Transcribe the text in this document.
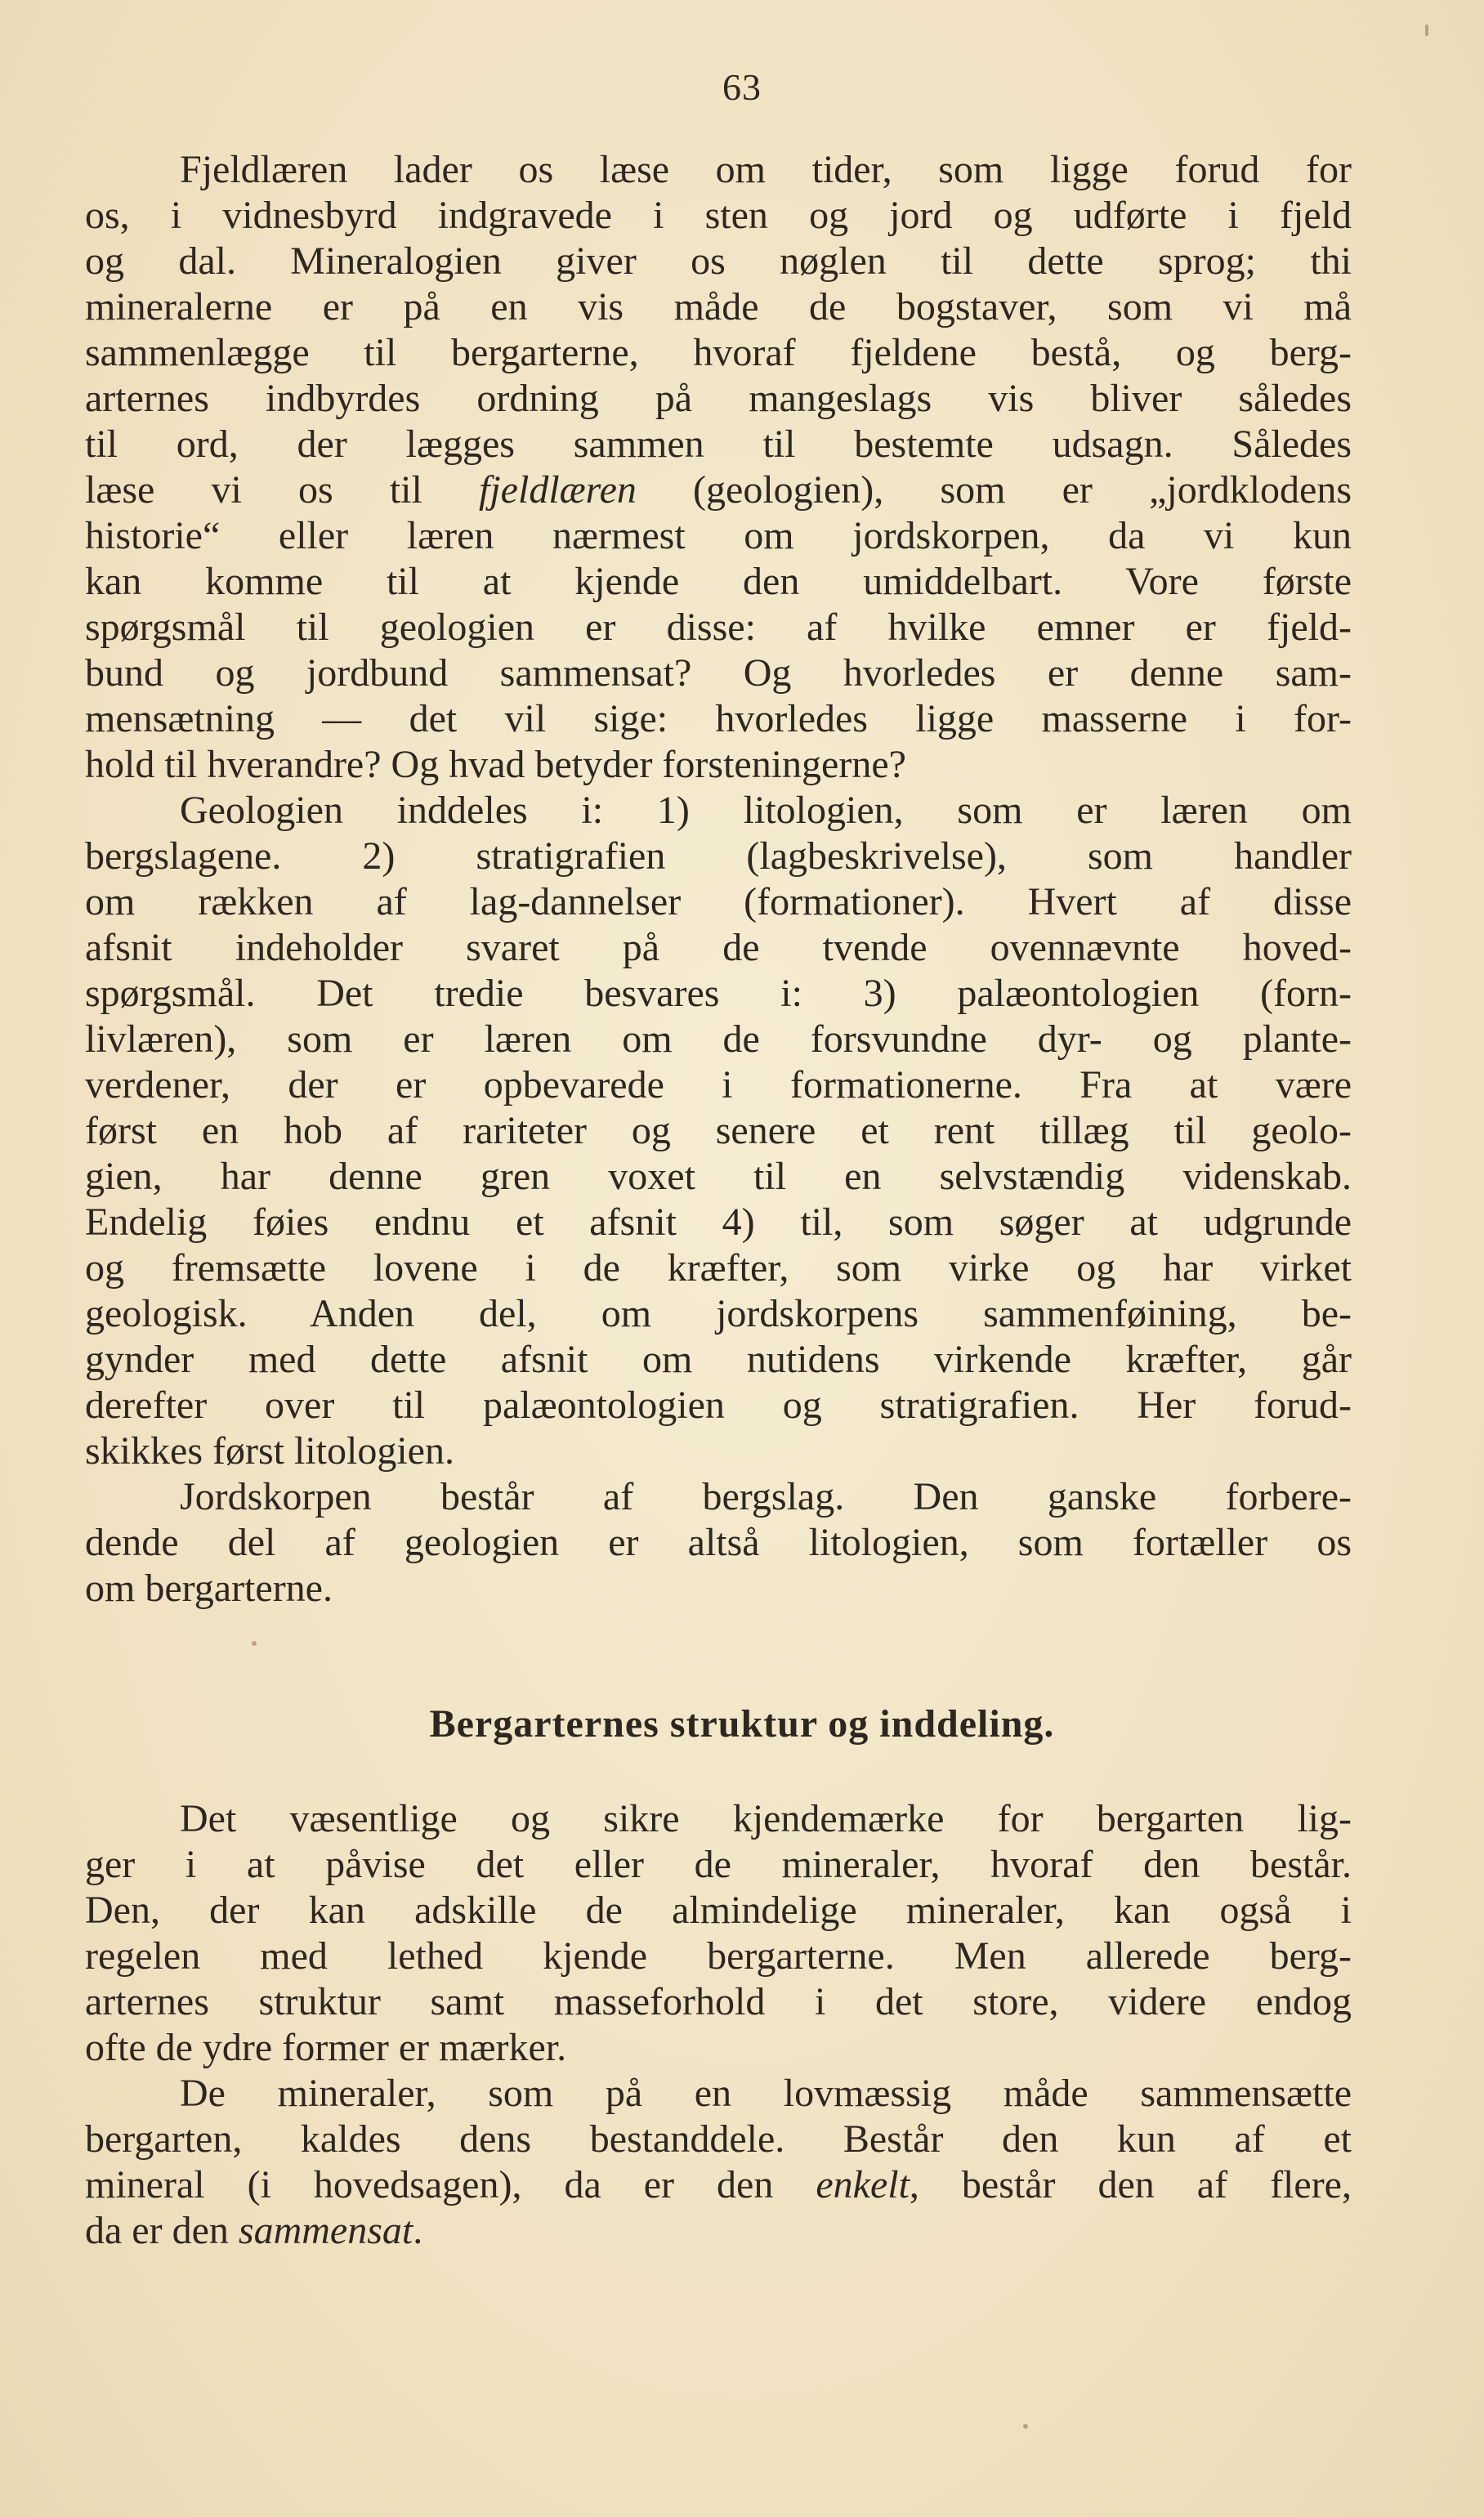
63
Fjeldlæren lader os læse om tider, som ligge forud for
os, i vidnesbyrd indgravede i sten og jord og udførte i fjeld
og dal. Mineralogien giver os nøglen til dette sprog; thi
mineralerne er på en vis måde de bogstaver, som vi må
sammenlægge til bergarterne, hvoraf fjeldene bestå, og berg-
arternes indbyrdes ordning på mangeslags vis bliver således
til ord, der lægges sammen til bestemte udsagn. Således
læse vi os til fjeldlæren (geologien), som er „jordklodens
historie“ eller læren nærmest om jordskorpen, da vi kun
kan komme til at kjende den umiddelbart. Vore første
spørgsmål til geologien er disse: af hvilke emner er fjeld-
bund og jordbund sammensat? Og hvorledes er denne sam-
mensætning — det vil sige: hvorledes ligge masserne i for-
hold til hverandre? Og hvad betyder forsteningerne?
Geologien inddeles i: 1) litologien, som er læren om
bergslagene. 2) stratigrafien (lagbeskrivelse), som handler
om rækken af lag-dannelser (formationer). Hvert af disse
afsnit indeholder svaret på de tvende ovennævnte hoved-
spørgsmål. Det tredie besvares i: 3) palæontologien (forn-
livlæren), som er læren om de forsvundne dyr- og plante-
verdener, der er opbevarede i formationerne. Fra at være
først en hob af rariteter og senere et rent tillæg til geolo-
gien, har denne gren voxet til en selvstændig videnskab.
Endelig føies endnu et afsnit 4) til, som søger at udgrunde
og fremsætte lovene i de kræfter, som virke og har virket
geologisk. Anden del, om jordskorpens sammenføining, be-
gynder med dette afsnit om nutidens virkende kræfter, går
derefter over til palæontologien og stratigrafien. Her forud-
skikkes først litologien.
Jordskorpen består af bergslag. Den ganske forbere-
dende del af geologien er altså litologien, som fortæller os
om bergarterne.
Bergarternes struktur og inddeling.
Det væsentlige og sikre kjendemærke for bergarten lig-
ger i at påvise det eller de mineraler, hvoraf den består.
Den, der kan adskille de almindelige mineraler, kan også i
regelen med lethed kjende bergarterne. Men allerede berg-
arternes struktur samt masseforhold i det store, videre endog
ofte de ydre former er mærker.
De mineraler, som på en lovmæssig måde sammensætte
bergarten, kaldes dens bestanddele. Består den kun af et
mineral (i hovedsagen), da er den enkelt, består den af flere,
da er den sammensat.
